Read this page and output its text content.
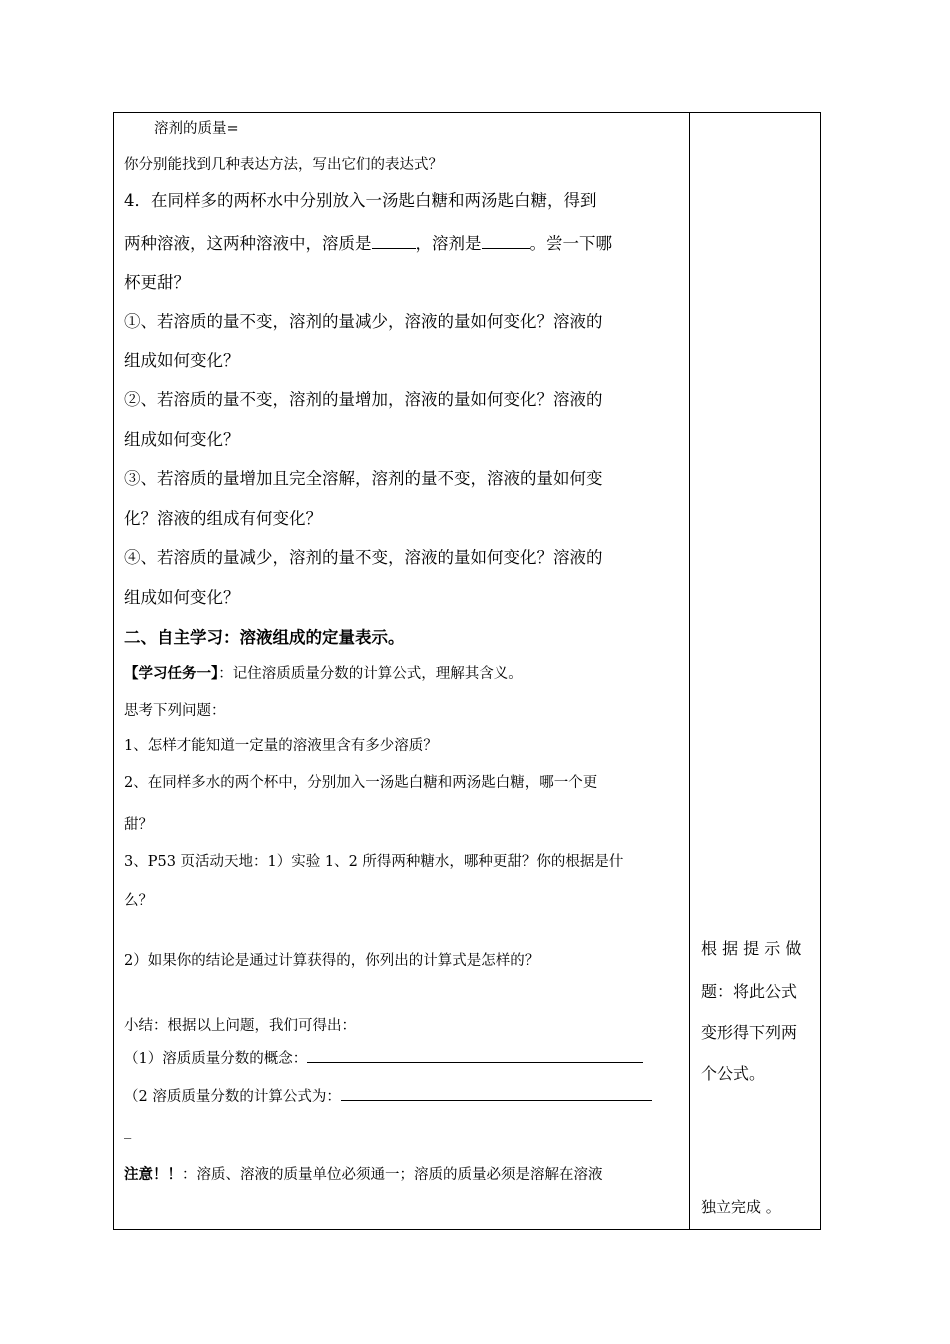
溶剂的质量=
你分别能找到几种表达方法，写出它们的表达式？
4．在同样多的两杯水中分别放入一汤匙白糖和两汤匙白糖，得到
两种溶液，这两种溶液中，溶质是	，溶剂是	。尝一下哪
杯更甜？
①、若溶质的量不变，溶剂的量减少，溶液的量如何变化？溶液的
组成如何变化？
②、若溶质的量不变，溶剂的量增加，溶液的量如何变化？溶液的
组成如何变化？
③、若溶质的量增加且完全溶解，溶剂的量不变，溶液的量如何变
化？溶液的组成有何变化？
④、若溶质的量减少，溶剂的量不变，溶液的量如何变化？溶液的
组成如何变化？
二、自主学习：溶液组成的定量表示。
【学习任务一】：记住溶质质量分数的计算公式，理解其含义。
思考下列问题：
1、怎样才能知道一定量的溶液里含有多少溶质？
2、在同样多水的两个杯中，分别加入一汤匙白糖和两汤匙白糖，哪一个更
甜？
3、P53 页活动天地：1）实验 1、2 所得两种糖水，哪种更甜？你的根据是什
么？
2）如果你的结论是通过计算获得的，你列出的计算式是怎样的？
小结：根据以上问题，我们可得出：
（1）溶质质量分数的概念：
（2 溶质质量分数的计算公式为：
_
注意！！：溶质、溶液的质量单位必须通一；溶质的质量必须是溶解在溶液
根 据 提 示 做
题：将此公式
变形得下列两
个公式。
独立完成 。
